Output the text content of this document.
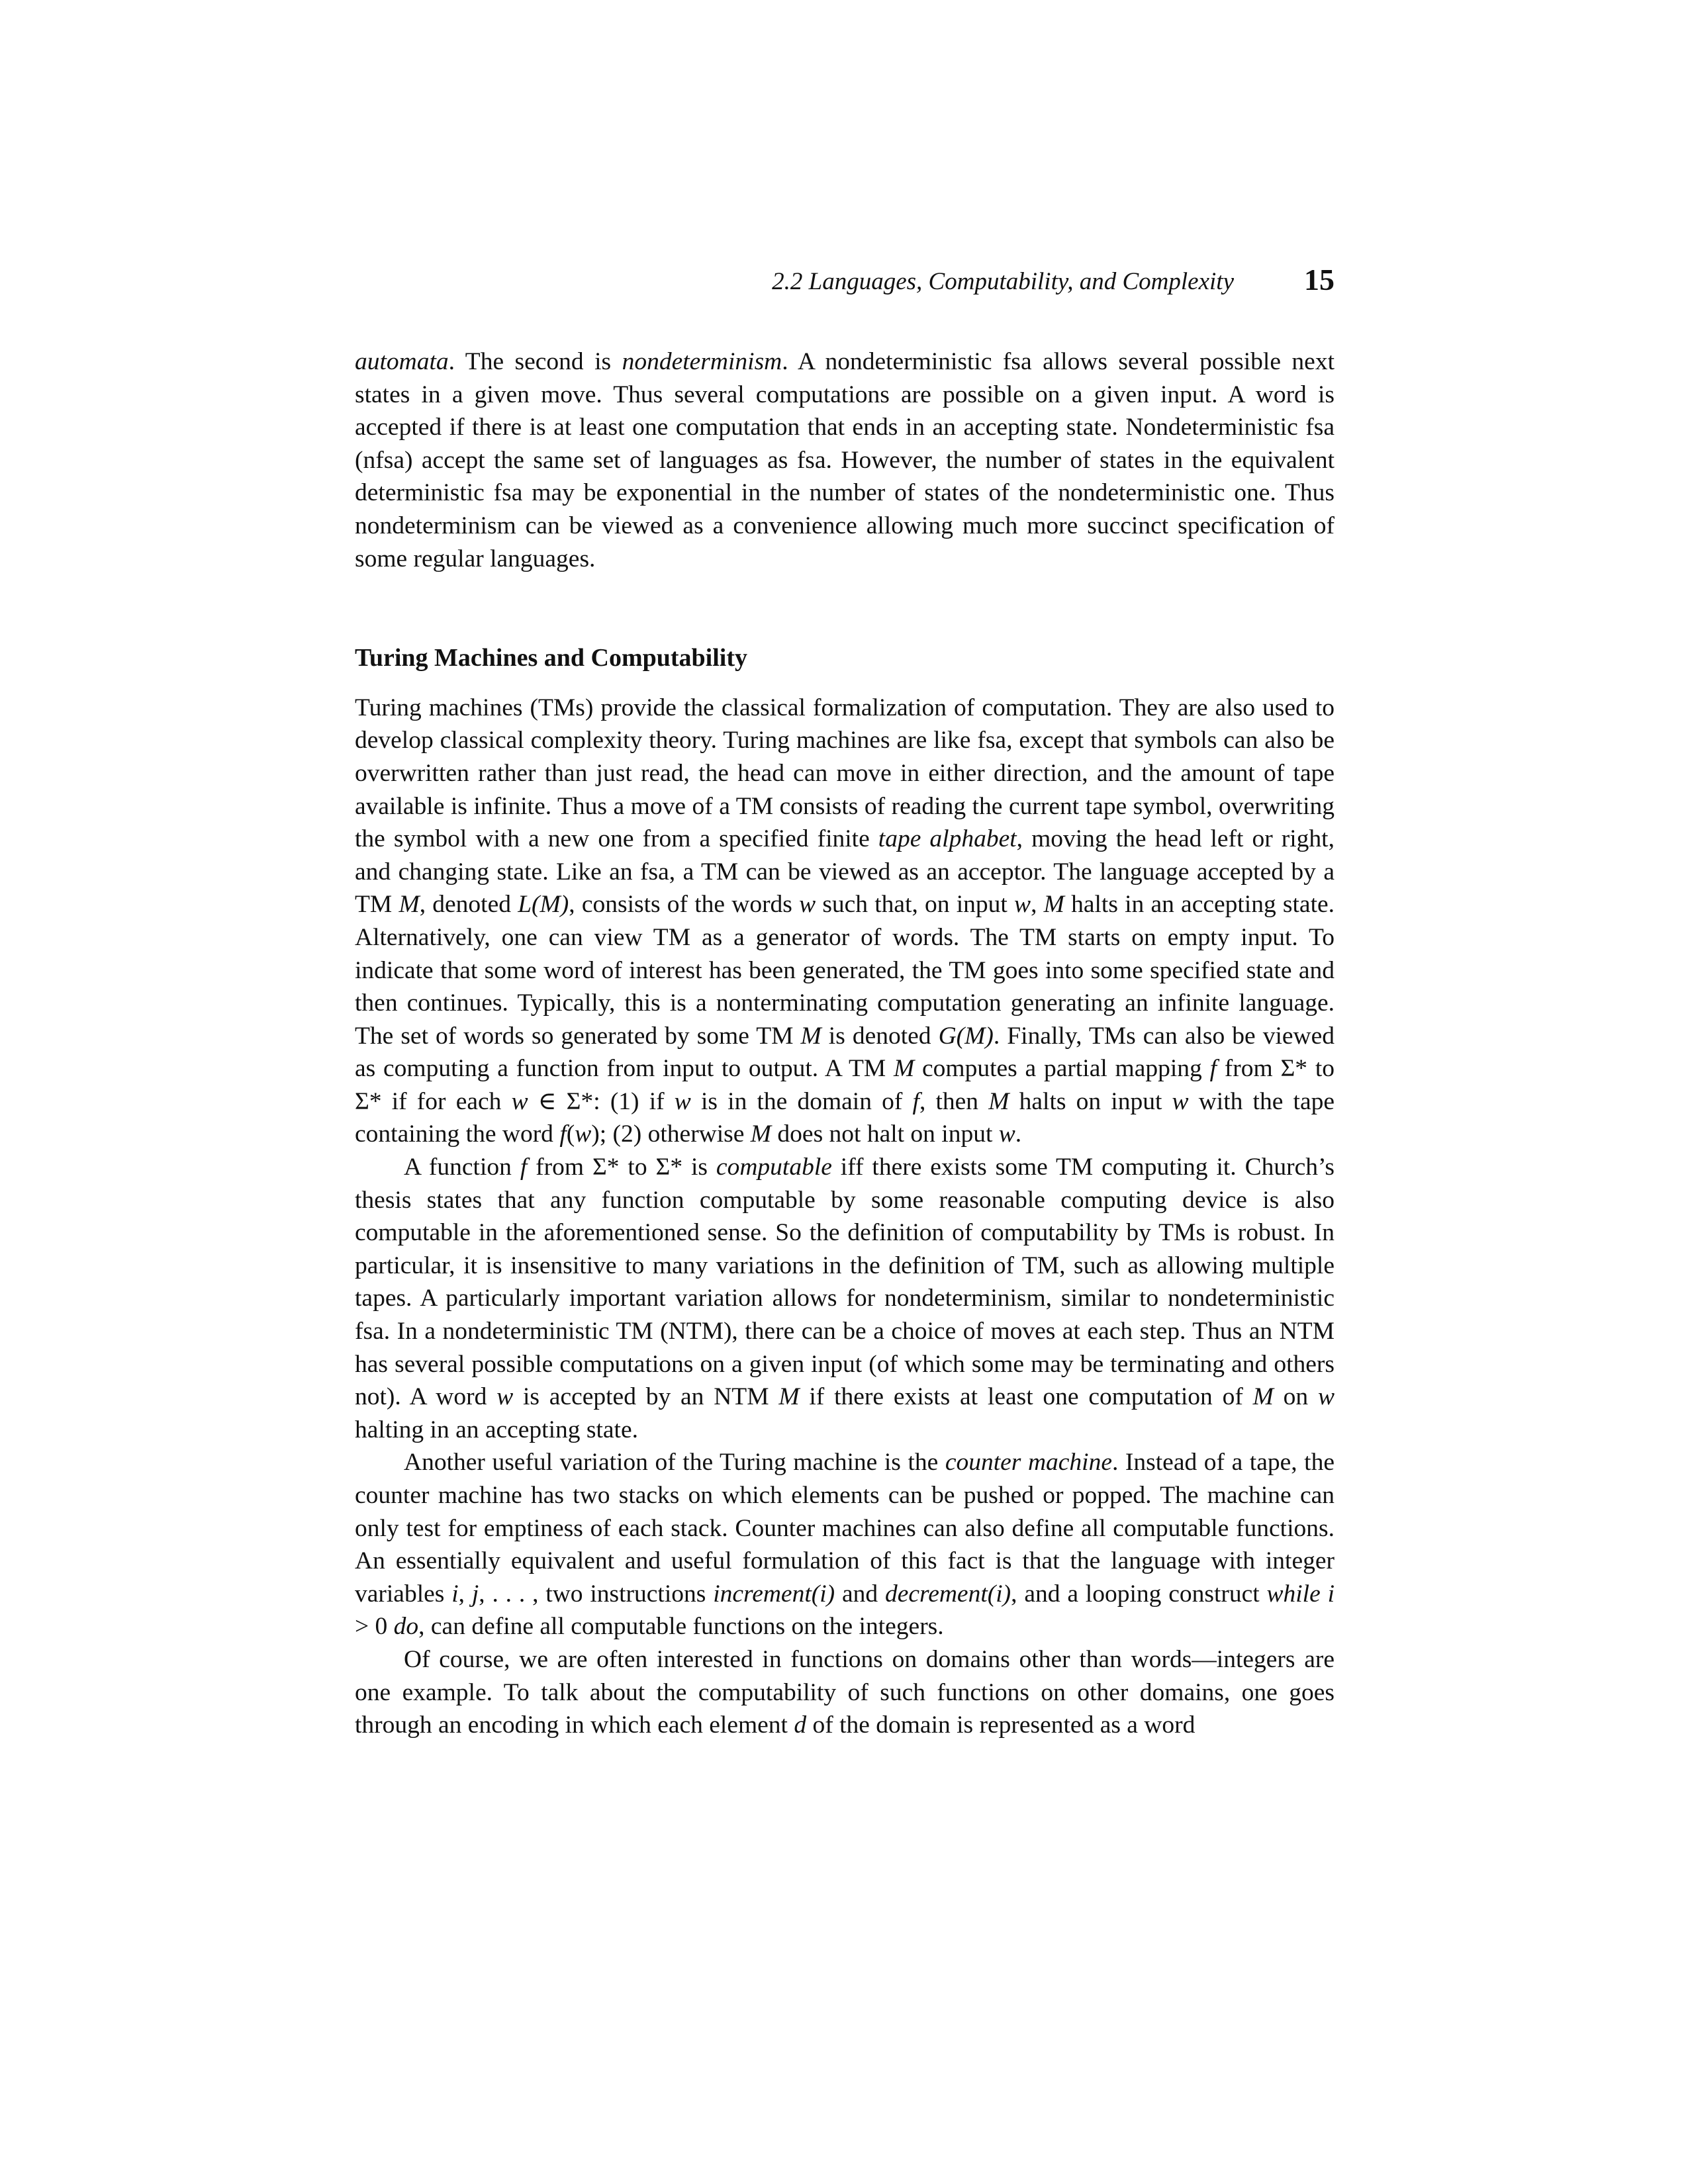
2.2 Languages, Computability, and Complexity 15

automata. The second is nondeterminism. A nondeterministic fsa allows several possible next states in a given move. Thus several computations are possible on a given input. A word is accepted if there is at least one computation that ends in an accepting state. Nondeterministic fsa (nfsa) accept the same set of languages as fsa. However, the number of states in the equivalent deterministic fsa may be exponential in the number of states of the nondeterministic one. Thus nondeterminism can be viewed as a convenience allowing much more succinct specification of some regular languages.

Turing Machines and Computability

Turing machines (TMs) provide the classical formalization of computation. They are also used to develop classical complexity theory. Turing machines are like fsa, except that symbols can also be overwritten rather than just read, the head can move in either direction, and the amount of tape available is infinite. Thus a move of a TM consists of reading the current tape symbol, overwriting the symbol with a new one from a specified finite tape alphabet, moving the head left or right, and changing state. Like an fsa, a TM can be viewed as an acceptor. The language accepted by a TM M, denoted L(M), consists of the words w such that, on input w, M halts in an accepting state. Alternatively, one can view TM as a generator of words. The TM starts on empty input. To indicate that some word of interest has been generated, the TM goes into some specified state and then continues. Typically, this is a nonterminating computation generating an infinite language. The set of words so generated by some TM M is denoted G(M). Finally, TMs can also be viewed as computing a function from input to output. A TM M computes a partial mapping f from Σ* to Σ* if for each w ∈ Σ*: (1) if w is in the domain of f, then M halts on input w with the tape containing the word f(w); (2) otherwise M does not halt on input w.

A function f from Σ* to Σ* is computable iff there exists some TM computing it. Church’s thesis states that any function computable by some reasonable computing device is also computable in the aforementioned sense. So the definition of computability by TMs is robust. In particular, it is insensitive to many variations in the definition of TM, such as allowing multiple tapes. A particularly important variation allows for nondeterminism, similar to nondeterministic fsa. In a nondeterministic TM (NTM), there can be a choice of moves at each step. Thus an NTM has several possible computations on a given input (of which some may be terminating and others not). A word w is accepted by an NTM M if there exists at least one computation of M on w halting in an accepting state.

Another useful variation of the Turing machine is the counter machine. Instead of a tape, the counter machine has two stacks on which elements can be pushed or popped. The machine can only test for emptiness of each stack. Counter machines can also define all computable functions. An essentially equivalent and useful formulation of this fact is that the language with integer variables i, j, . . . , two instructions increment(i) and decrement(i), and a looping construct while i > 0 do, can define all computable functions on the integers.

Of course, we are often interested in functions on domains other than words—integers are one example. To talk about the computability of such functions on other domains, one goes through an encoding in which each element d of the domain is represented as a word
